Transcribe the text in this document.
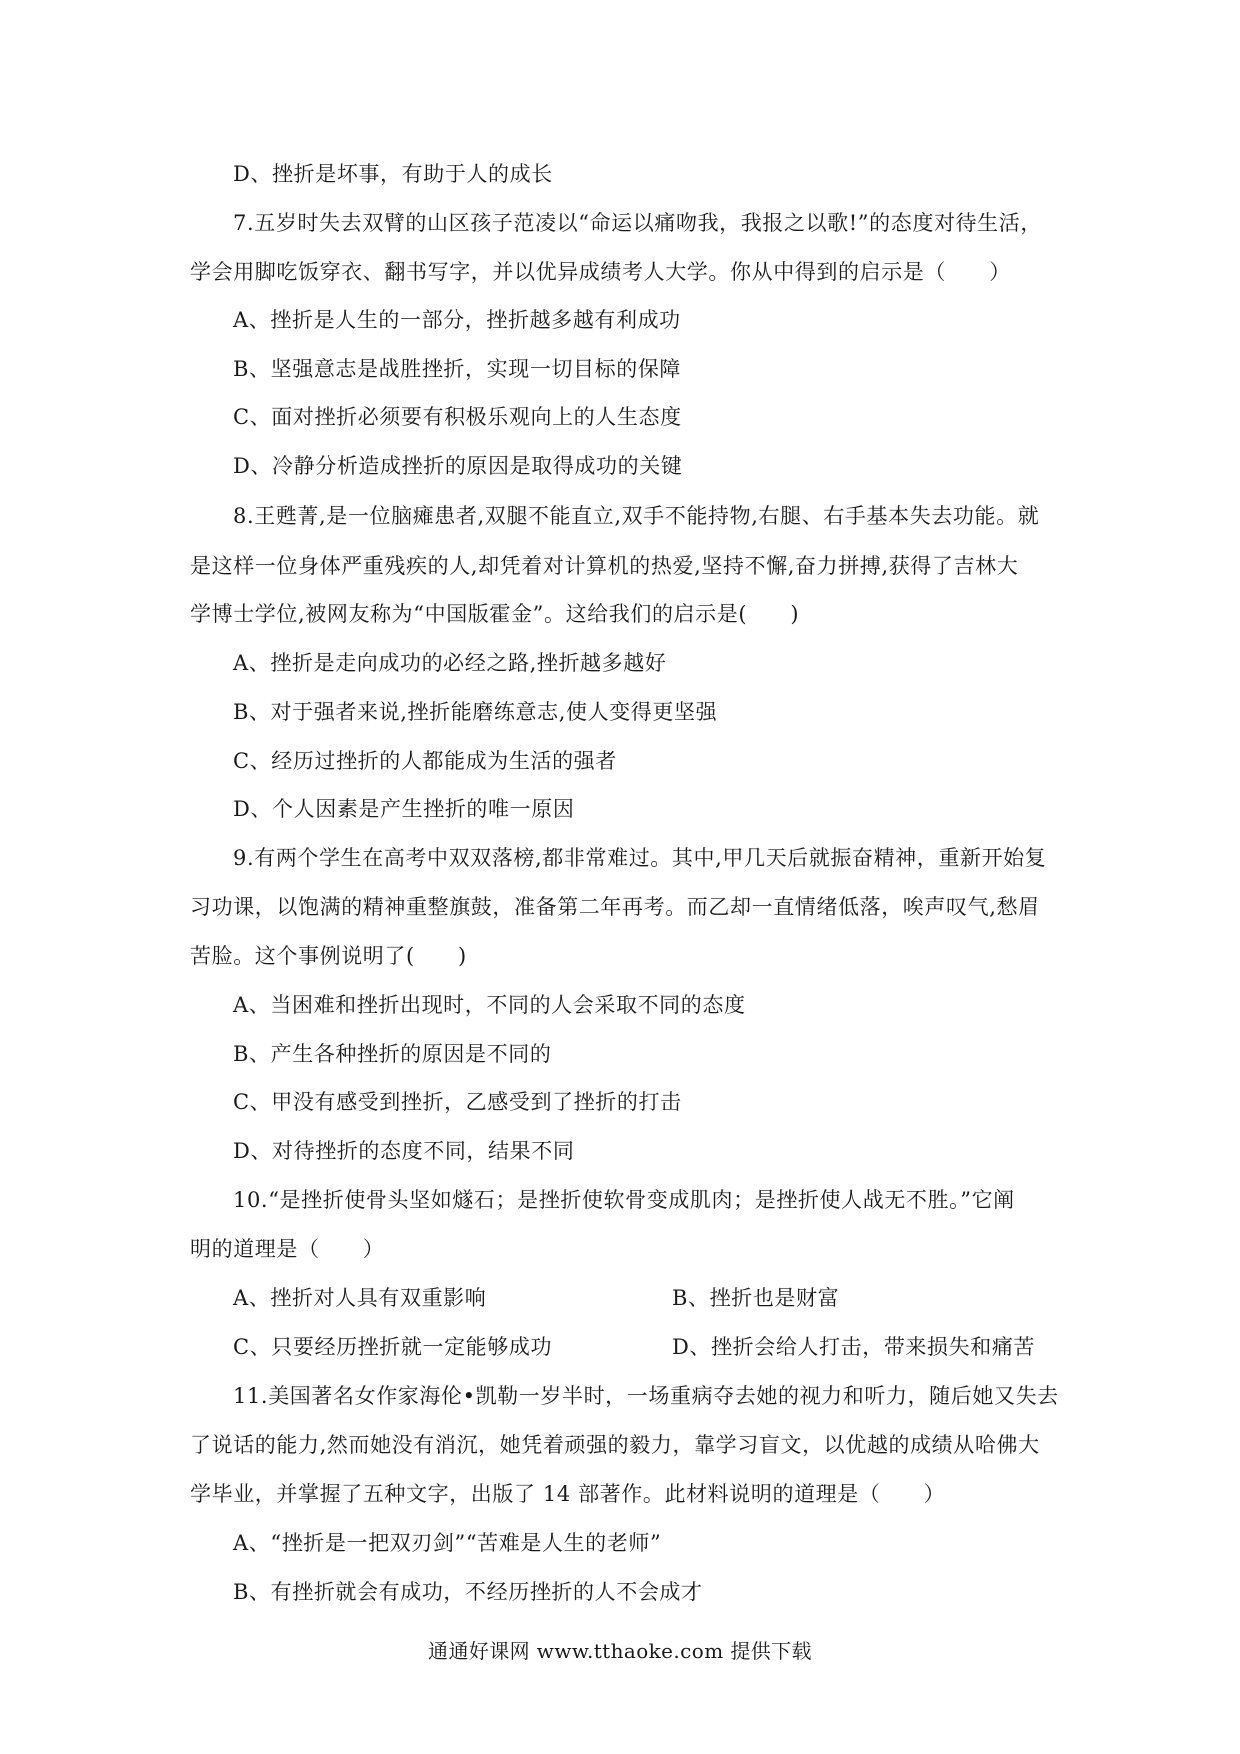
D、挫折是坏事，有助于人的成长
7.五岁时失去双臂的山区孩子范凌以“命运以痛吻我，我报之以歌!”的态度对待生活，
学会用脚吃饭穿衣、翻书写字，并以优异成绩考人大学。你从中得到的启示是（　　）
A、挫折是人生的一部分，挫折越多越有利成功
B、坚强意志是战胜挫折，实现一切目标的保障
C、面对挫折必须要有积极乐观向上的人生态度
D、冷静分析造成挫折的原因是取得成功的关键
8.王甦菁,是一位脑瘫患者,双腿不能直立,双手不能持物,右腿、右手基本失去功能。就
是这样一位身体严重残疾的人,却凭着对计算机的热爱,坚持不懈,奋力拼搏,获得了吉林大
学博士学位,被网友称为“中国版霍金”。这给我们的启示是(　　)
A、挫折是走向成功的必经之路,挫折越多越好
B、对于强者来说,挫折能磨练意志,使人变得更坚强
C、经历过挫折的人都能成为生活的强者
D、个人因素是产生挫折的唯一原因
9.有两个学生在高考中双双落榜,都非常难过。其中,甲几天后就振奋精神，重新开始复
习功课，以饱满的精神重整旗鼓，准备第二年再考。而乙却一直情绪低落，唉声叹气,愁眉
苦脸。这个事例说明了(　　)
A、当困难和挫折出现时，不同的人会采取不同的态度
B、产生各种挫折的原因是不同的
C、甲没有感受到挫折，乙感受到了挫折的打击
D、对待挫折的态度不同，结果不同
10.“是挫折使骨头坚如燧石；是挫折使软骨变成肌肉；是挫折使人战无不胜。”它阐
明的道理是（　　）
A、挫折对人具有双重影响	B、挫折也是财富
C、只要经历挫折就一定能够成功	D、挫折会给人打击，带来损失和痛苦
11.美国著名女作家海伦•凯勒一岁半时，一场重病夺去她的视力和听力，随后她又失去
了说话的能力,然而她没有消沉，她凭着顽强的毅力，靠学习盲文，以优越的成绩从哈佛大
学毕业，并掌握了五种文字，出版了 14 部著作。此材料说明的道理是（　　）
A、“挫折是一把双刃剑”“苦难是人生的老师”
B、有挫折就会有成功，不经历挫折的人不会成才
通通好课网 www.tthaoke.com 提供下载
